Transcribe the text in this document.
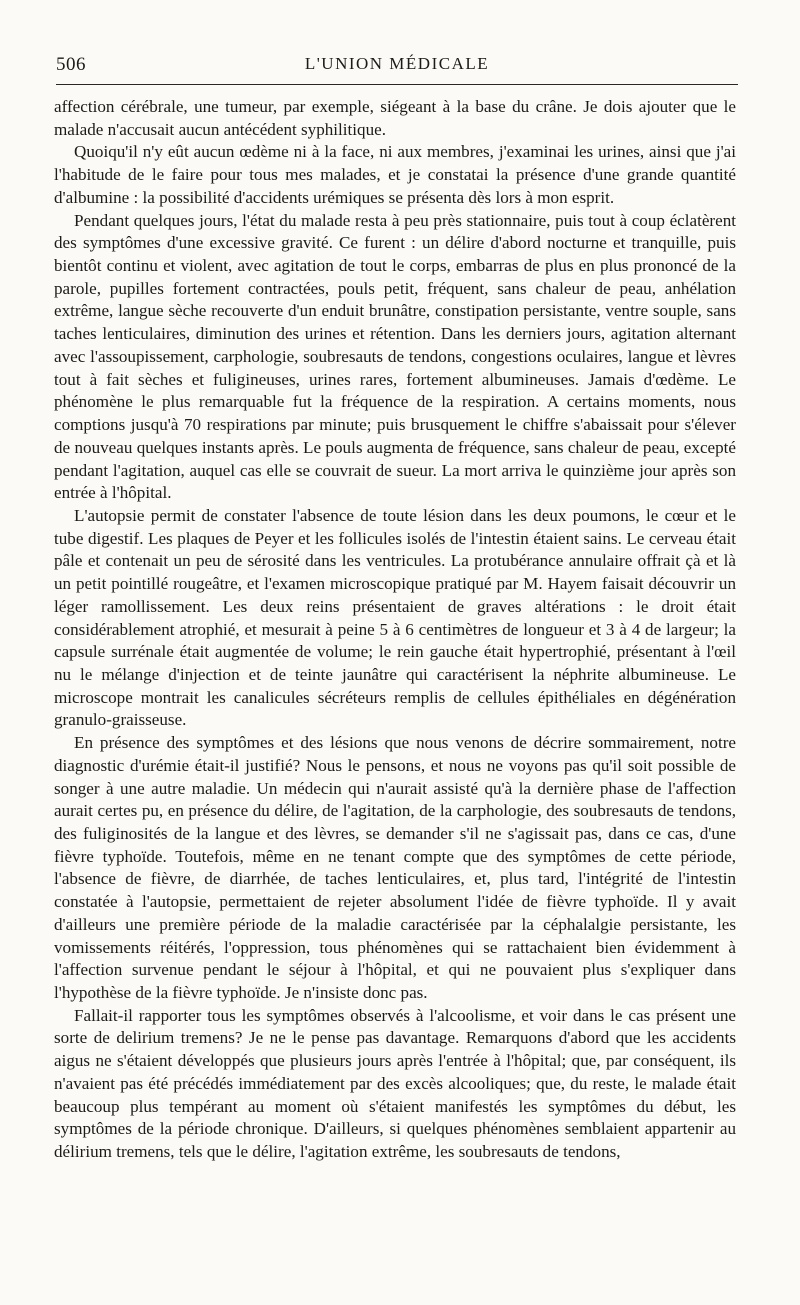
506	L'UNION MÉDICALE

affection cérébrale, une tumeur, par exemple, siégeant à la base du crâne. Je dois ajouter que le malade n'accusait aucun antécédent syphilitique.

Quoiqu'il n'y eût aucun œdème ni à la face, ni aux membres, j'examinai les urines, ainsi que j'ai l'habitude de le faire pour tous mes malades, et je constatai la présence d'une grande quantité d'albumine : la possibilité d'accidents urémiques se présenta dès lors à mon esprit.

Pendant quelques jours, l'état du malade resta à peu près stationnaire, puis tout à coup éclatèrent des symptômes d'une excessive gravité. Ce furent : un délire d'abord nocturne et tranquille, puis bientôt continu et violent, avec agitation de tout le corps, embarras de plus en plus prononcé de la parole, pupilles fortement contractées, pouls petit, fréquent, sans chaleur de peau, anhélation extrême, langue sèche recouverte d'un enduit brunâtre, constipation persistante, ventre souple, sans taches lenticulaires, diminution des urines et rétention. Dans les derniers jours, agitation alternant avec l'assoupissement, carphologie, soubresauts de tendons, congestions oculaires, langue et lèvres tout à fait sèches et fuligineuses, urines rares, fortement albumineuses. Jamais d'œdème. Le phénomène le plus remarquable fut la fréquence de la respiration. A certains moments, nous comptions jusqu'à 70 respirations par minute; puis brusquement le chiffre s'abaissait pour s'élever de nouveau quelques instants après. Le pouls augmenta de fréquence, sans chaleur de peau, excepté pendant l'agitation, auquel cas elle se couvrait de sueur. La mort arriva le quinzième jour après son entrée à l'hôpital.

L'autopsie permit de constater l'absence de toute lésion dans les deux poumons, le cœur et le tube digestif. Les plaques de Peyer et les follicules isolés de l'intestin étaient sains. Le cerveau était pâle et contenait un peu de sérosité dans les ventricules. La protubérance annulaire offrait çà et là un petit pointillé rougeâtre, et l'examen microscopique pratiqué par M. Hayem faisait découvrir un léger ramollissement. Les deux reins présentaient de graves altérations : le droit était considérablement atrophié, et mesurait à peine 5 à 6 centimètres de longueur et 3 à 4 de largeur; la capsule surrénale était augmentée de volume; le rein gauche était hypertrophié, présentant à l'œil nu le mélange d'injection et de teinte jaunâtre qui caractérisent la néphrite albumineuse. Le microscope montrait les canalicules sécréteurs remplis de cellules épithéliales en dégénération granulo-graisseuse.

En présence des symptômes et des lésions que nous venons de décrire sommairement, notre diagnostic d'urémie était-il justifié? Nous le pensons, et nous ne voyons pas qu'il soit possible de songer à une autre maladie. Un médecin qui n'aurait assisté qu'à la dernière phase de l'affection aurait certes pu, en présence du délire, de l'agitation, de la carphologie, des soubresauts de tendons, des fuliginosités de la langue et des lèvres, se demander s'il ne s'agissait pas, dans ce cas, d'une fièvre typhoïde. Toutefois, même en ne tenant compte que des symptômes de cette période, l'absence de fièvre, de diarrhée, de taches lenticulaires, et, plus tard, l'intégrité de l'intestin constatée à l'autopsie, permettaient de rejeter absolument l'idée de fièvre typhoïde. Il y avait d'ailleurs une première période de la maladie caractérisée par la céphalalgie persistante, les vomissements réitérés, l'oppression, tous phénomènes qui se rattachaient bien évidemment à l'affection survenue pendant le séjour à l'hôpital, et qui ne pouvaient plus s'expliquer dans l'hypothèse de la fièvre typhoïde. Je n'insiste donc pas.

Fallait-il rapporter tous les symptômes observés à l'alcoolisme, et voir dans le cas présent une sorte de delirium tremens? Je ne le pense pas davantage. Remarquons d'abord que les accidents aigus ne s'étaient développés que plusieurs jours après l'entrée à l'hôpital; que, par conséquent, ils n'avaient pas été précédés immédiatement par des excès alcooliques; que, du reste, le malade était beaucoup plus tempérant au moment où s'étaient manifestés les symptômes du début, les symptômes de la période chronique. D'ailleurs, si quelques phénomènes semblaient appartenir au délirium tremens, tels que le délire, l'agitation extrême, les soubresauts de tendons,
